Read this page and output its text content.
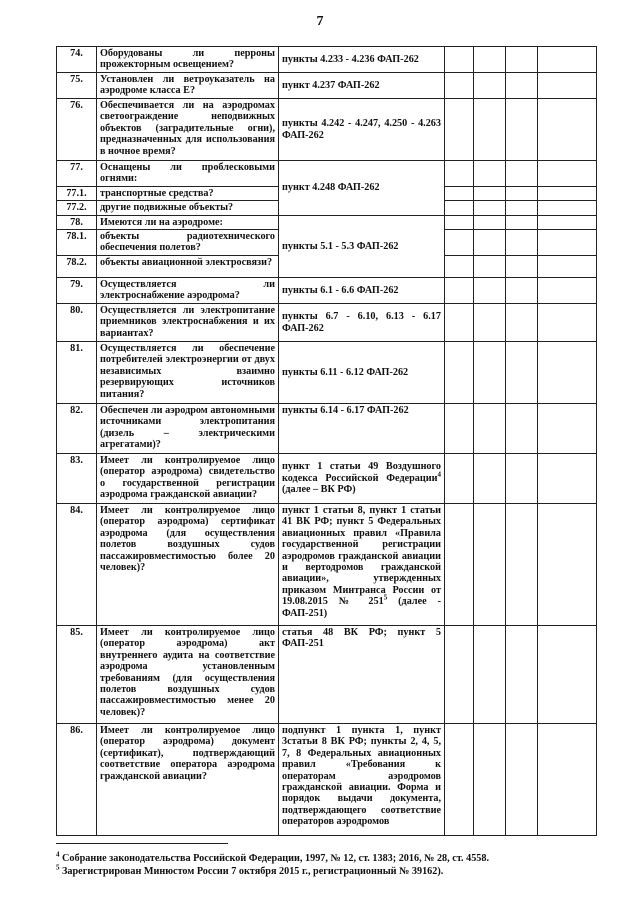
7
74.	Оборудованы ли перроны прожекторным освещением?	пункты 4.233 - 4.236 ФАП-262				
75.	Установлен ли ветроуказатель на аэродроме класса Е?	пункт 4.237 ФАП-262				
76.	Обеспечивается ли на аэродромах светоограждение неподвижных объектов (заградительные огни), предназначенных для использования в ночное время?	пункты 4.242 - 4.247, 4.250 - 4.263 ФАП-262				
77.	Оснащены ли проблесковыми огнями:	пункт 4.248 ФАП-262				
77.1.	транспортные средства?					
77.2.	другие подвижные объекты?					
78.	Имеются ли на аэродроме:	пункты 5.1 - 5.3 ФАП-262				
78.1.	объекты радиотехнического обеспечения полетов?					
78.2.	объекты авиационной электросвязи?					
79.	Осуществляется ли электроснабжение аэродрома?	пункты 6.1 - 6.6 ФАП-262				
80.	Осуществляется ли электропитание приемников электроснабжения и их вариантах?	пункты 6.7 - 6.10, 6.13 - 6.17 ФАП-262				
81.	Осуществляется ли обеспечение потребителей электроэнергии от двух независимых взаимно резервирующих источников питания?	пункты 6.11 - 6.12 ФАП-262				
82.	Обеспечен ли аэродром автономными источниками электропитания (дизель – электрическими агрегатами)?	пункты 6.14 - 6.17 ФАП-262				
83.	Имеет ли контролируемое лицо (оператор аэродрома) свидетельство о государственной регистрации аэродрома гражданской авиации?	пункт 1 статьи 49 Воздушного кодекса Российской Федерации$^4$ (далее – ВК РФ)				
84.	Имеет ли контролируемое лицо (оператор аэродрома) сертификат аэродрома (для осуществления полетов воздушных судов пассажировместимостью более 20 человек)?	пункт 1 статьи 8, пункт 1 статьи 41 ВК РФ; пункт 5 Федеральных авиационных правил «Правила государственной регистрации аэродромов гражданской авиации и вертодромов гражданской авиации», утвержденных приказом Минтранса России от 19.08.2015 № $251^5$ (далее - ФАП-251)				
85.	Имеет ли контролируемое лицо (оператор аэродрома) акт внутреннего аудита на соответствие аэродрома установленным требованиям (для осуществления полетов воздушных судов пассажировместимостью менее 20 человек)?	статья 48 ВК РФ; пункт 5 ФАП-251				
86.	Имеет ли контролируемое лицо (оператор аэродрома) документ (сертификат), подтверждающий соответствие оператора аэродрома гражданской авиации?	подпункт 1 пункта 1, пункт 3статьи 8 ВК РФ; пункты 2, 4, 5, 7, 8 Федеральных авиационных правил «Требования к операторам аэродромов гражданской авиации. Форма и порядок выдачи документа, подтверждающего соответствие операторов аэродромов				
$^4$ Собрание законодательства Российской Федерации, 1997, № 12, ст. 1383; 2016, № 28, ст. 4558.
$^5$ Зарегистрирован Минюстом России 7 октября 2015 г., регистрационный № 39162).
